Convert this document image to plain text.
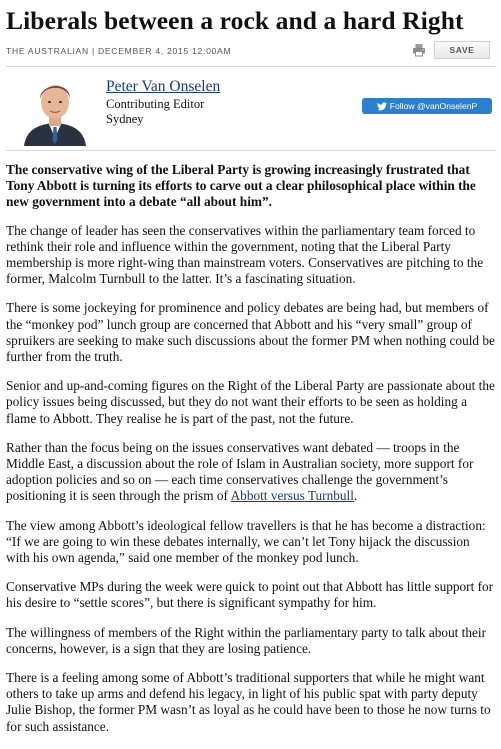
Liberals between a rock and a hard Right
THE AUSTRALIAN | DECEMBER 4, 2015 12:00AM	SAVE
Peter Van Onselen
Contributing Editor
Sydney
Follow @vanOnselenP

The conservative wing of the Liberal Party is growing increasingly frustrated that Tony Abbott is turning its efforts to carve out a clear philosophical place within the new government into a debate “all about him”.

The change of leader has seen the conservatives within the parliamentary team forced to rethink their role and influence within the government, noting that the Liberal Party membership is more right-wing than mainstream voters. Conservatives are pitching to the former, Malcolm Turnbull to the latter. It’s a fascinating situation.

There is some jockeying for prominence and policy debates are being had, but members of the “monkey pod” lunch group are concerned that Abbott and his “very small” group of spruikers are seeking to make such discussions about the former PM when nothing could be further from the truth.

Senior and up-and-coming figures on the Right of the Liberal Party are passionate about the policy issues being discussed, but they do not want their efforts to be seen as holding a flame to Abbott. They realise he is part of the past, not the future.

Rather than the focus being on the issues conservatives want debated — troops in the Middle East, a discussion about the role of Islam in Australian society, more support for adoption policies and so on — each time conservatives challenge the government’s positioning it is seen through the prism of Abbott versus Turnbull.

The view among Abbott’s ideological fellow travellers is that he has become a distraction: “If we are going to win these debates internally, we can’t let Tony hijack the discussion with his own agenda,” said one member of the monkey pod lunch.

Conservative MPs during the week were quick to point out that Abbott has little support for his desire to “settle scores”, but there is significant sympathy for him.

The willingness of members of the Right within the parliamentary party to talk about their concerns, however, is a sign that they are losing patience.

There is a feeling among some of Abbott’s traditional supporters that while he might want others to take up arms and defend his legacy, in light of his public spat with party deputy Julie Bishop, the former PM wasn’t as loyal as he could have been to those he now turns to for such assistance.
